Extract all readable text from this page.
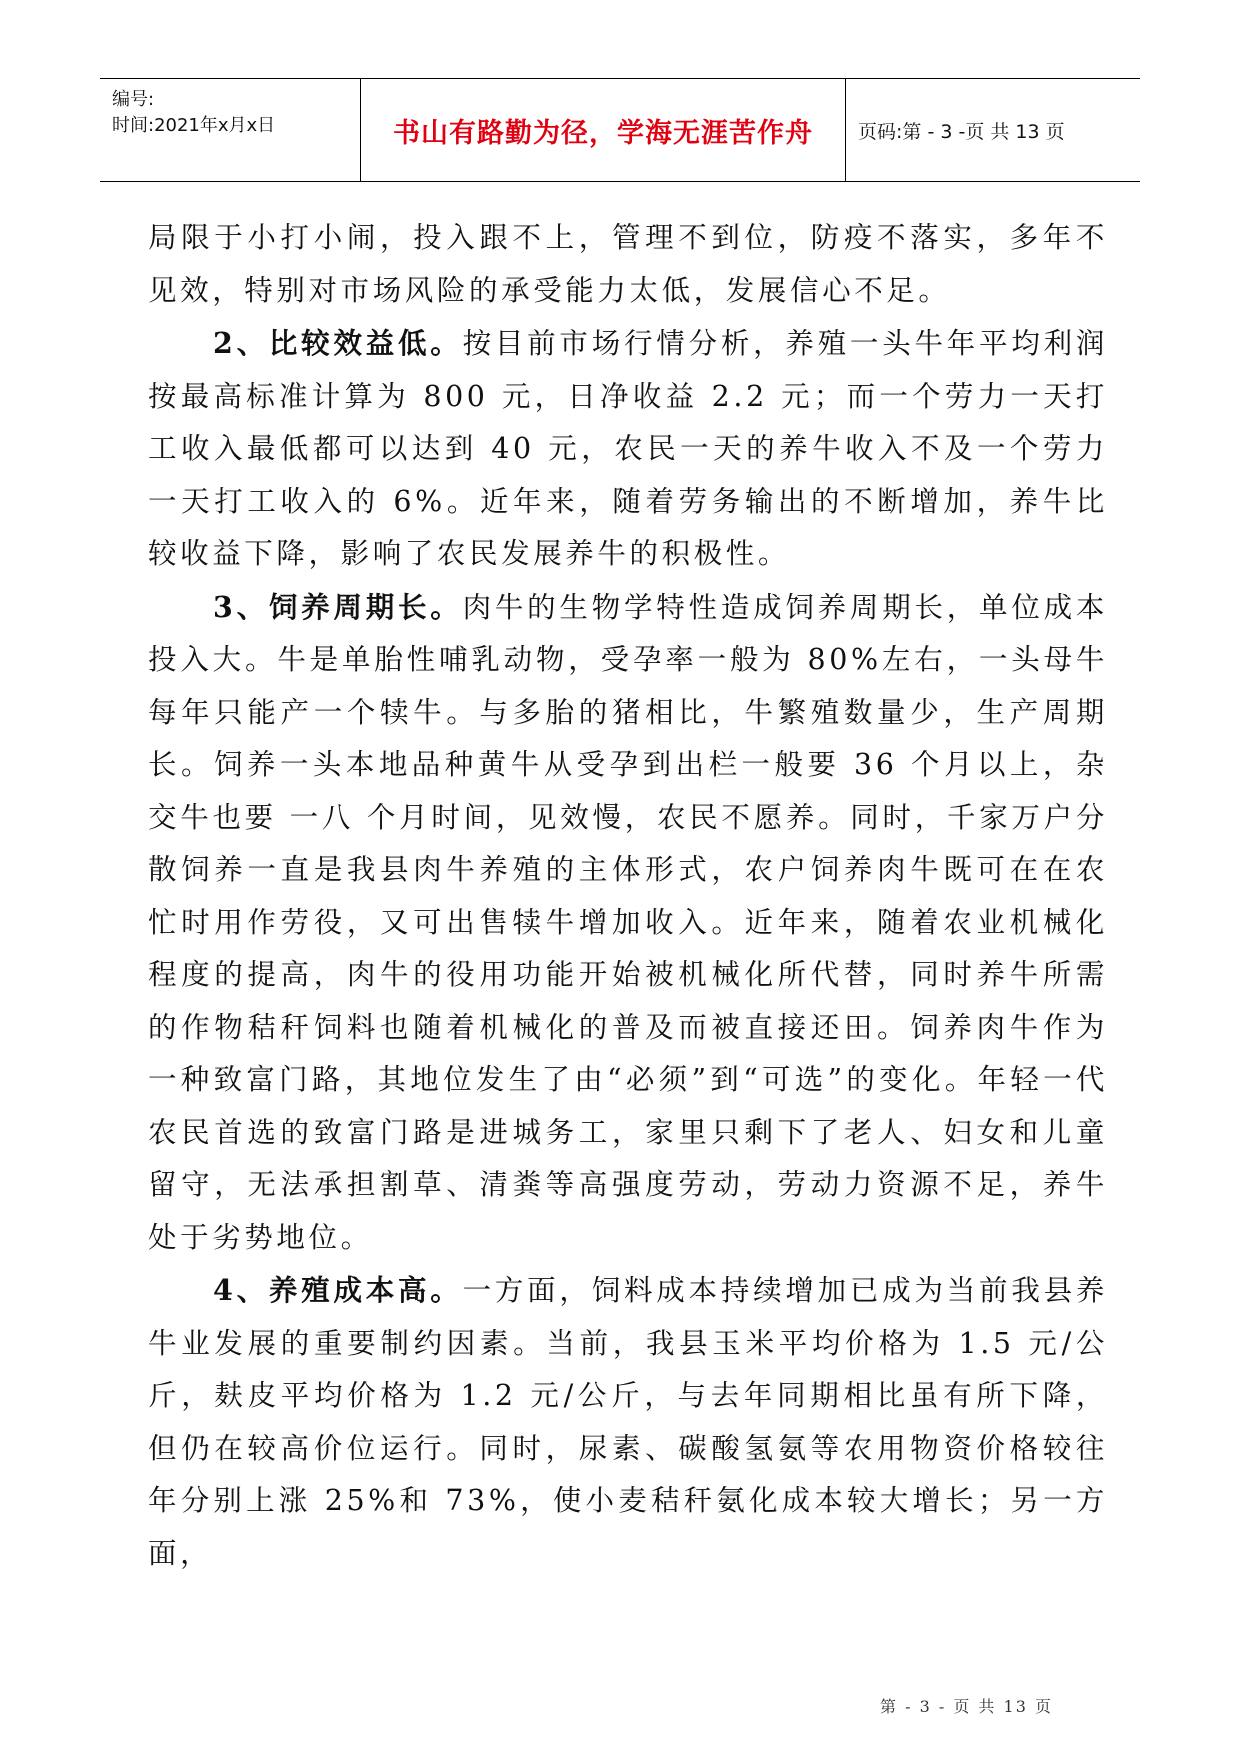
编号:
时间:2021年x月x日	书山有路勤为径，学海无涯苦作舟	页码:第 - 3 -页 共 13 页

局限于小打小闹，投入跟不上，管理不到位，防疫不落实，多年不见效，特别对市场风险的承受能力太低，发展信心不足。

2、比较效益低。按目前市场行情分析，养殖一头牛年平均利润按最高标准计算为 800 元，日净收益 2.2 元；而一个劳力一天打工收入最低都可以达到 40 元，农民一天的养牛收入不及一个劳力一天打工收入的 6%。近年来，随着劳务输出的不断增加，养牛比较收益下降，影响了农民发展养牛的积极性。

3、饲养周期长。肉牛的生物学特性造成饲养周期长，单位成本投入大。牛是单胎性哺乳动物，受孕率一般为 80%左右，一头母牛每年只能产一个犊牛。与多胎的猪相比，牛繁殖数量少，生产周期长。饲养一头本地品种黄牛从受孕到出栏一般要 36 个月以上，杂交牛也要 一八 个月时间，见效慢，农民不愿养。同时，千家万户分散饲养一直是我县肉牛养殖的主体形式，农户饲养肉牛既可在在农忙时用作劳役，又可出售犊牛增加收入。近年来，随着农业机械化程度的提高，肉牛的役用功能开始被机械化所代替，同时养牛所需的作物秸秆饲料也随着机械化的普及而被直接还田。饲养肉牛作为一种致富门路，其地位发生了由“必须”到“可选”的变化。年轻一代农民首选的致富门路是进城务工，家里只剩下了老人、妇女和儿童留守，无法承担割草、清粪等高强度劳动，劳动力资源不足，养牛处于劣势地位。

4、养殖成本高。一方面，饲料成本持续增加已成为当前我县养牛业发展的重要制约因素。当前，我县玉米平均价格为 1.5 元/公斤，麸皮平均价格为 1.2 元/公斤，与去年同期相比虽有所下降，但仍在较高价位运行。同时，尿素、碳酸氢氨等农用物资价格较往年分别上涨 25%和 73%，使小麦秸秆氨化成本较大增长；另一方面，

第 - 3 - 页 共 13 页
